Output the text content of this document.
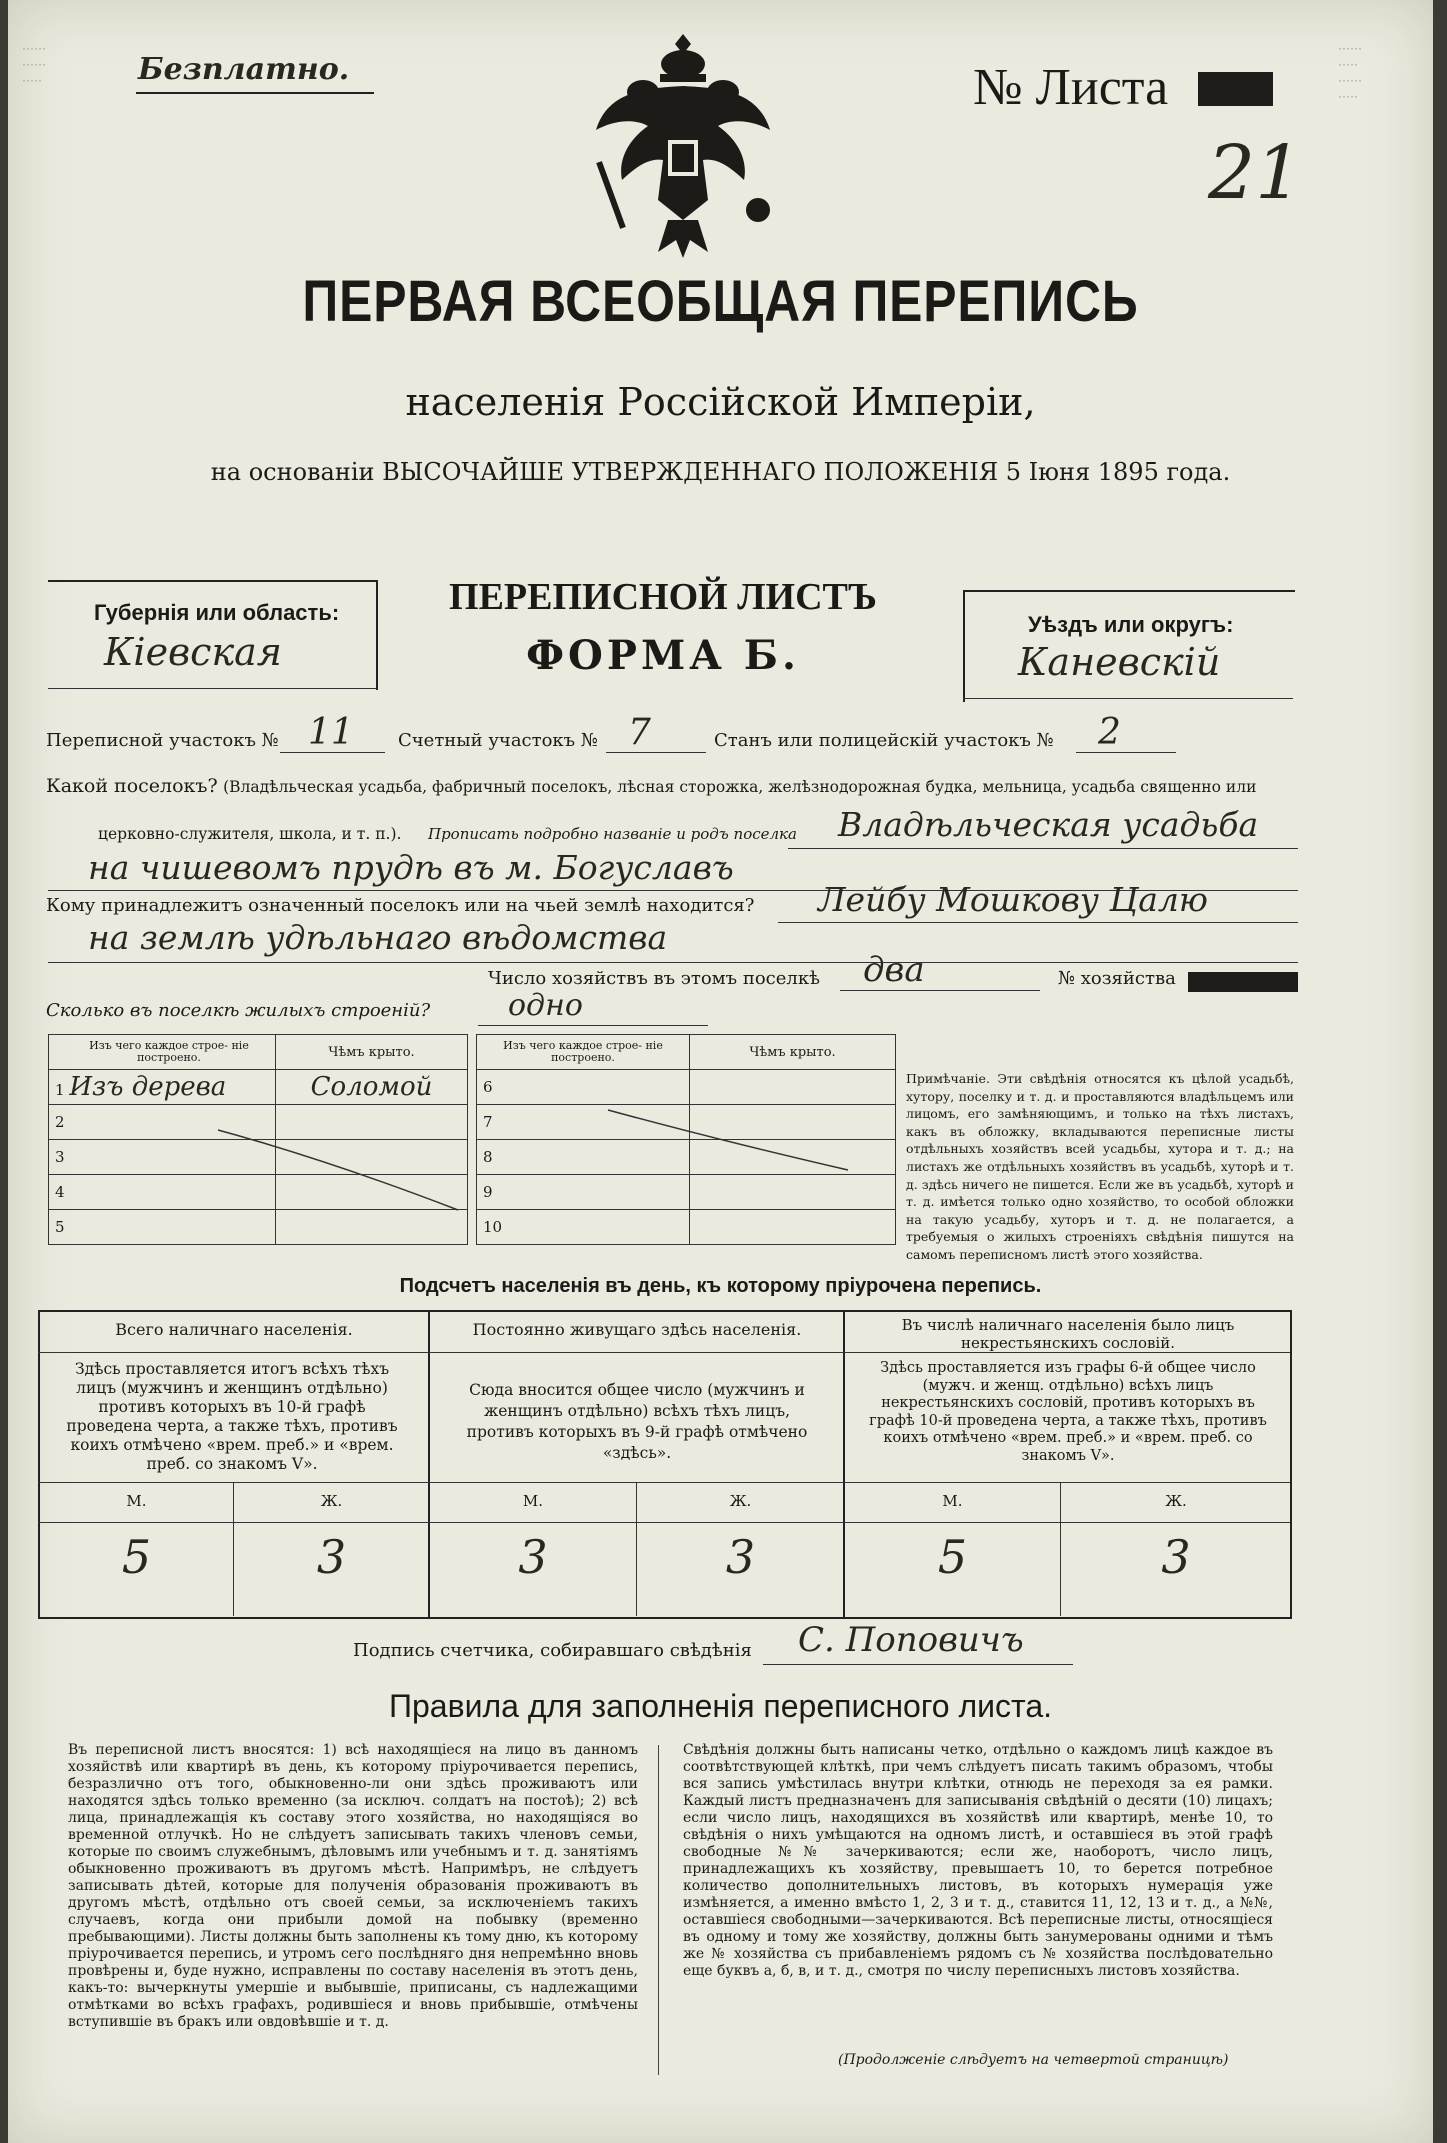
······
······
·····
······
·····
······
·····
Безплатно.	№ Листа
21
ПЕРВАЯ ВСЕОБЩАЯ ПЕРЕПИСЬ
населенія Россійской Имперіи,
на основаніи ВЫСОЧАЙШЕ УТВЕРЖДЕННАГО ПОЛОЖЕНІЯ 5 Іюня 1895 года.
Губернія или область:
Кіевская
ПЕРЕПИСНОЙ ЛИСТЪ
ФОРМА Б.
Уѣздъ или округъ:
Каневскій
Переписной участокъ № 11 Счетный участокъ № 7	Станъ или полицейскій участокъ № 2
Какой поселокъ? (Владѣльческая усадьба, фабричный поселокъ, лѣсная сторожка, желѣзнодорожная будка, мельница, усадьба священно или
церковно-служителя, школа, и т. п.). Прописать подробно названіе и родъ поселка Владѣльческая усадьба
на чишевомъ прудѣ въ м. Богуславъ
Кому принадлежитъ означенный поселокъ или на чьей землѣ находится? Лейбу Мошкову Цалю
на землѣ удѣльнаго вѣдомства
Число хозяйствъ въ этомъ поселкѣ два	№ хозяйства
Сколько въ поселкѣ жилыхъ строеній?	одно
Изъ чего каждое строе- ніе построено.	Чѣмъ крыто.
1 Изъ дерева	Соломой
2	
3	
4	
5	
Изъ чего каждое строе- ніе построено.	Чѣмъ крыто.
6	
7	
8	
9	
10	
Примѣчаніе. Эти свѣдѣнія относятся къ цѣлой усадьбѣ, хутору, поселку и т. д. и проставляются владѣльцемъ или лицомъ, его замѣняющимъ, и только на тѣхъ листахъ, какъ въ обложку, вкладываются переписные листы отдѣльныхъ хозяйствъ всей усадьбы, хутора и т. д.; на листахъ же отдѣльныхъ хозяйствъ въ усадьбѣ, хуторѣ и т. д. здѣсь ничего не пишется. Если же въ усадьбѣ, хуторѣ и т. д. имѣется только одно хозяйство, то особой обложки на такую усадьбу, хуторъ и т. д. не полагается, а требуемыя о жилыхъ строеніяхъ свѣдѣнія пишутся на самомъ переписномъ листѣ этого хозяйства.
Подсчетъ населенія въ день, къ которому пріурочена перепись.
Всего наличнаго населенія.
Здѣсь проставляется итогъ всѣхъ тѣхъ лицъ (мужчинъ и женщинъ отдѣльно) противъ которыхъ въ 10-й графѣ проведена черта, а также тѣхъ, противъ коихъ отмѣчено «врем. преб.» и «врем. преб. со знакомъ V».
Постоянно живущаго здѣсь населенія.
Сюда вносится общее число (мужчинъ и женщинъ отдѣльно) всѣхъ тѣхъ лицъ, противъ которыхъ въ 9-й графѣ отмѣчено «здѣсь».
Въ числѣ наличнаго населенія было лицъ некрестьянскихъ сословій.
Здѣсь проставляется изъ графы 6-й общее число (мужч. и женщ. отдѣльно) всѣхъ лицъ некрестьянскихъ сословій, противъ которыхъ въ графѣ 10-й проведена черта, а также тѣхъ, противъ коихъ отмѣчено «врем. преб.» и «врем. преб. со знакомъ V».
М.	Ж.	М.	Ж.	М.	Ж.
5	3	3	3	5	3
Подпись счетчика, собиравшаго свѣдѣнія С. Поповичъ
Правила для заполненія переписного листа.
Въ переписной листъ вносятся: 1) всѣ находящіеся на лицо въ данномъ хозяйствѣ или квартирѣ въ день, къ которому пріурочивается перепись, безразлично отъ того, обыкновенно-ли они здѣсь проживаютъ или находятся здѣсь только временно (за исключ. солдатъ на постоѣ); 2) всѣ лица, принадлежащія къ составу этого хозяйства, но находящіяся во временной отлучкѣ. Но не слѣдуетъ записывать такихъ членовъ семьи, которые по своимъ служебнымъ, дѣловымъ или учебнымъ и т. д. занятіямъ обыкновенно проживаютъ въ другомъ мѣстѣ. Напримѣръ, не слѣдуетъ записывать дѣтей, которые для полученія образованія проживаютъ въ другомъ мѣстѣ, отдѣльно отъ своей семьи, за исключеніемъ такихъ случаевъ, когда они прибыли домой на побывку (временно пребывающими). Листы должны быть заполнены къ тому дню, къ которому пріурочивается перепись, и утромъ сего послѣдняго дня непремѣнно вновь провѣрены и, буде нужно, исправлены по составу населенія въ этотъ день, какъ-то: вычеркнуты умершіе и выбывшіе, приписаны, съ надлежащими отмѣтками во всѣхъ графахъ, родившіеся и вновь прибывшіе, отмѣчены вступившіе въ бракъ или овдовѣвшіе и т. д.
Свѣдѣнія должны быть написаны четко, отдѣльно о каждомъ лицѣ каждое въ соотвѣтствующей клѣткѣ, при чемъ слѣдуетъ писать такимъ образомъ, чтобы вся запись умѣстилась внутри клѣтки, отнюдь не переходя за ея рамки. Каждый листъ предназначенъ для записыванія свѣдѣній о десяти (10) лицахъ; если число лицъ, находящихся въ хозяйствѣ или квартирѣ, менѣе 10, то свѣдѣнія о нихъ умѣщаются на одномъ листѣ, и оставшіеся въ этой графѣ свободные №№ зачеркиваются; если же, наоборотъ, число лицъ, принадлежащихъ къ хозяйству, превышаетъ 10, то берется потребное количество дополнительныхъ листовъ, въ которыхъ нумерація уже измѣняется, а именно вмѣсто 1, 2, 3 и т. д., ставится 11, 12, 13 и т. д., а №№, оставшіеся свободными—зачеркиваются. Всѣ переписные листы, относящіеся въ одному и тому же хозяйству, должны быть занумерованы одними и тѣмъ же № хозяйства съ прибавленіемъ рядомъ съ № хозяйства послѣдовательно еще буквъ а, б, в, и т. д., смотря по числу переписныхъ листовъ хозяйства.
(Продолженіе слѣдуетъ на четвертой страницѣ)
